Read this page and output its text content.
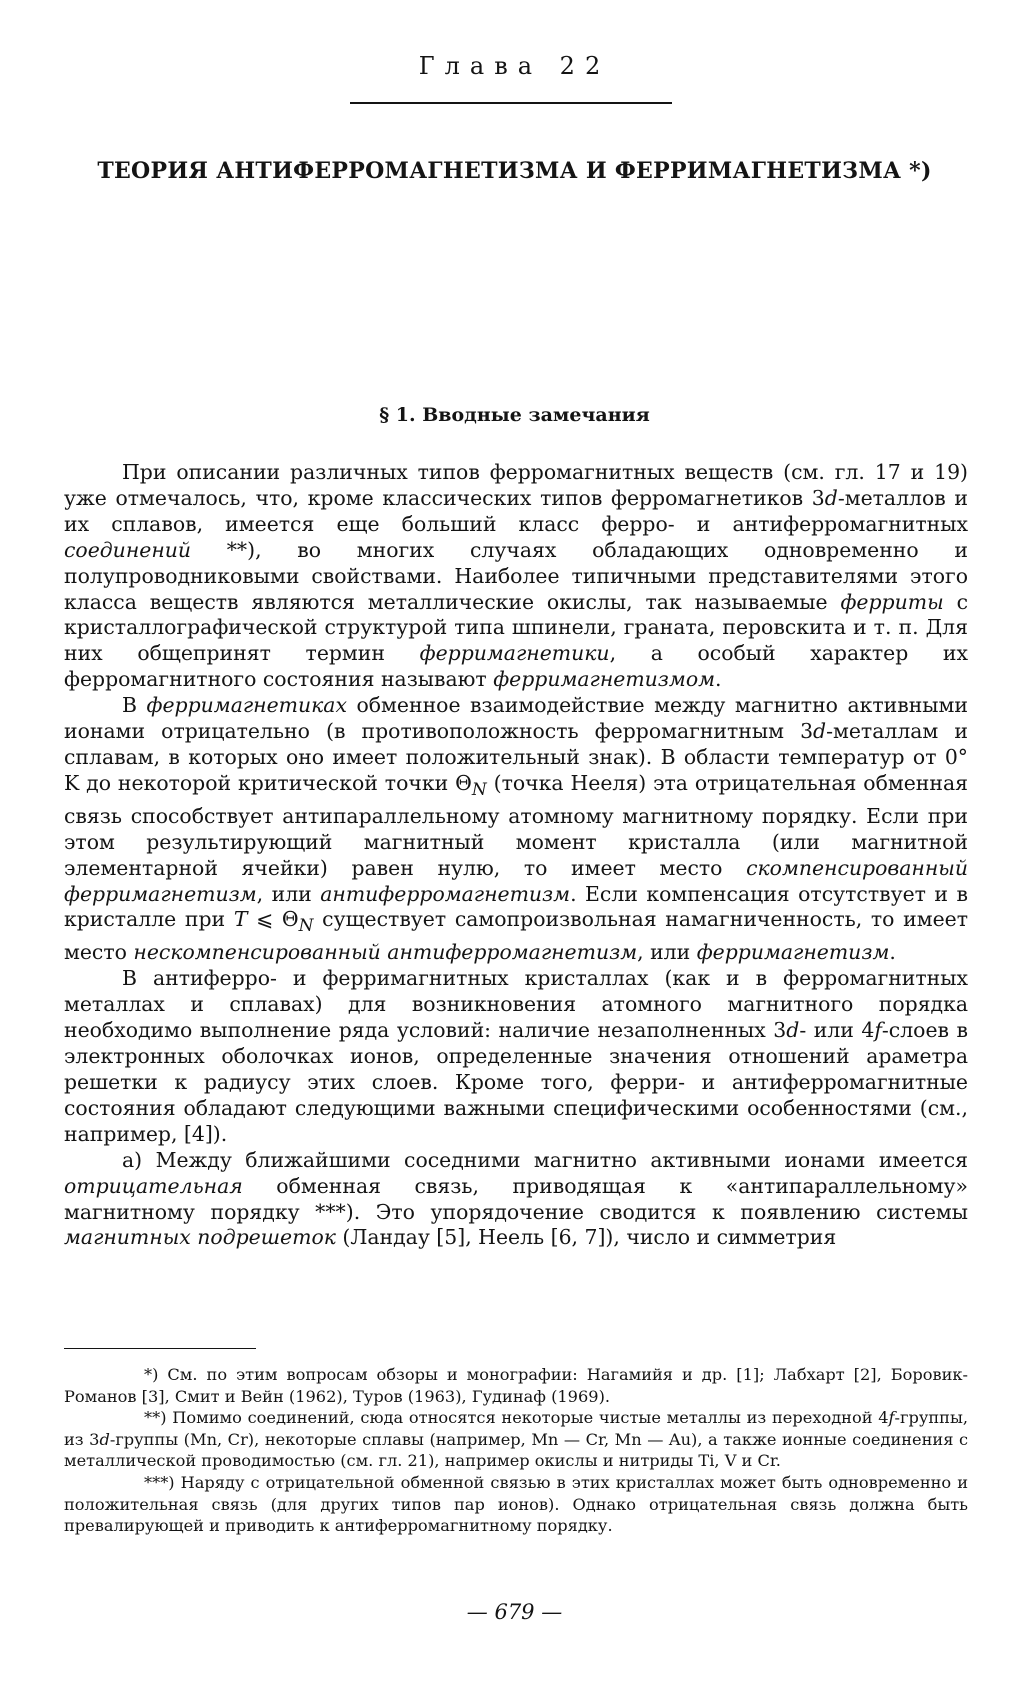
Глава 22
ТЕОРИЯ АНТИФЕРРОМАГНЕТИЗМА И ФЕРРИМАГНЕТИЗМА *)
§ 1. Вводные замечания

При описании различных типов ферромагнитных веществ (см. гл. 17 и 19) уже отмечалось, что, кроме классических типов ферромагнетиков 3d-металлов и их сплавов, имеется еще больший класс ферро- и антиферромагнитных соединений **), во многих случаях обладающих одновременно и полупроводниковыми свойствами. Наиболее типичными представителями этого класса веществ являются металлические окислы, так называемые ферриты с кристаллографической структурой типа шпинели, граната, перовскита и т. п. Для них общепринят термин ферримагнетики, а особый характер их ферромагнитного состояния называют ферримагнетизмом.

В ферримагнетиках обменное взаимодействие между магнитно активными ионами отрицательно (в противоположность ферромагнитным 3d-металлам и сплавам, в которых оно имеет положительный знак). В области температур от 0° K до некоторой критической точки $\Theta_N$ (точка Нееля) эта отрицательная обменная связь способствует антипараллельному атомному магнитному порядку. Если при этом результирующий магнитный момент кристалла (или магнитной элементарной ячейки) равен нулю, то имеет место скомпенсированный ферримагнетизм, или антиферромагнетизм. Если компенсация отсутствует и в кристалле при T ⩽ $\Theta_N$ существует самопроизвольная намагниченность, то имеет место нескомпенсированный антиферромагнетизм, или ферримагнетизм.

В антиферро- и ферримагнитных кристаллах (как и в ферромагнитных металлах и сплавах) для возникновения атомного магнитного порядка необходимо выполнение ряда условий: наличие незаполненных 3d- или 4f-слоев в электронных оболочках ионов, определенные значения отношений араметра решетки к радиусу этих слоев. Кроме того, ферри- и антиферромагнитные состояния обладают следующими важными специфическими особенностями (см., например, [4]).

а) Между ближайшими соседними магнитно активными ионами имеется отрицательная обменная связь, приводящая к «антипараллельному» магнитному порядку ***). Это упорядочение сводится к появлению системы магнитных подрешеток (Ландау [5], Неель [6, 7]), число и симметрия

*) См. по этим вопросам обзоры и монографии: Нагамийя и др. [1]; Лабхарт [2], Боровик-Романов [3], Смит и Вейн (1962), Туров (1963), Гудинаф (1969).

**) Помимо соединений, сюда относятся некоторые чистые металлы из переходной 4f-группы, из 3d-группы (Mn, Cr), некоторые сплавы (например, Mn — Cr, Mn — Au), а также ионные соединения с металлической проводимостью (см. гл. 21), например окислы и нитриды Ti, V и Cr.

***) Наряду с отрицательной обменной связью в этих кристаллах может быть одновременно и положительная связь (для других типов пар ионов). Однако отрицательная связь должна быть превалирующей и приводить к антиферромагнитному порядку.

— 679 —
